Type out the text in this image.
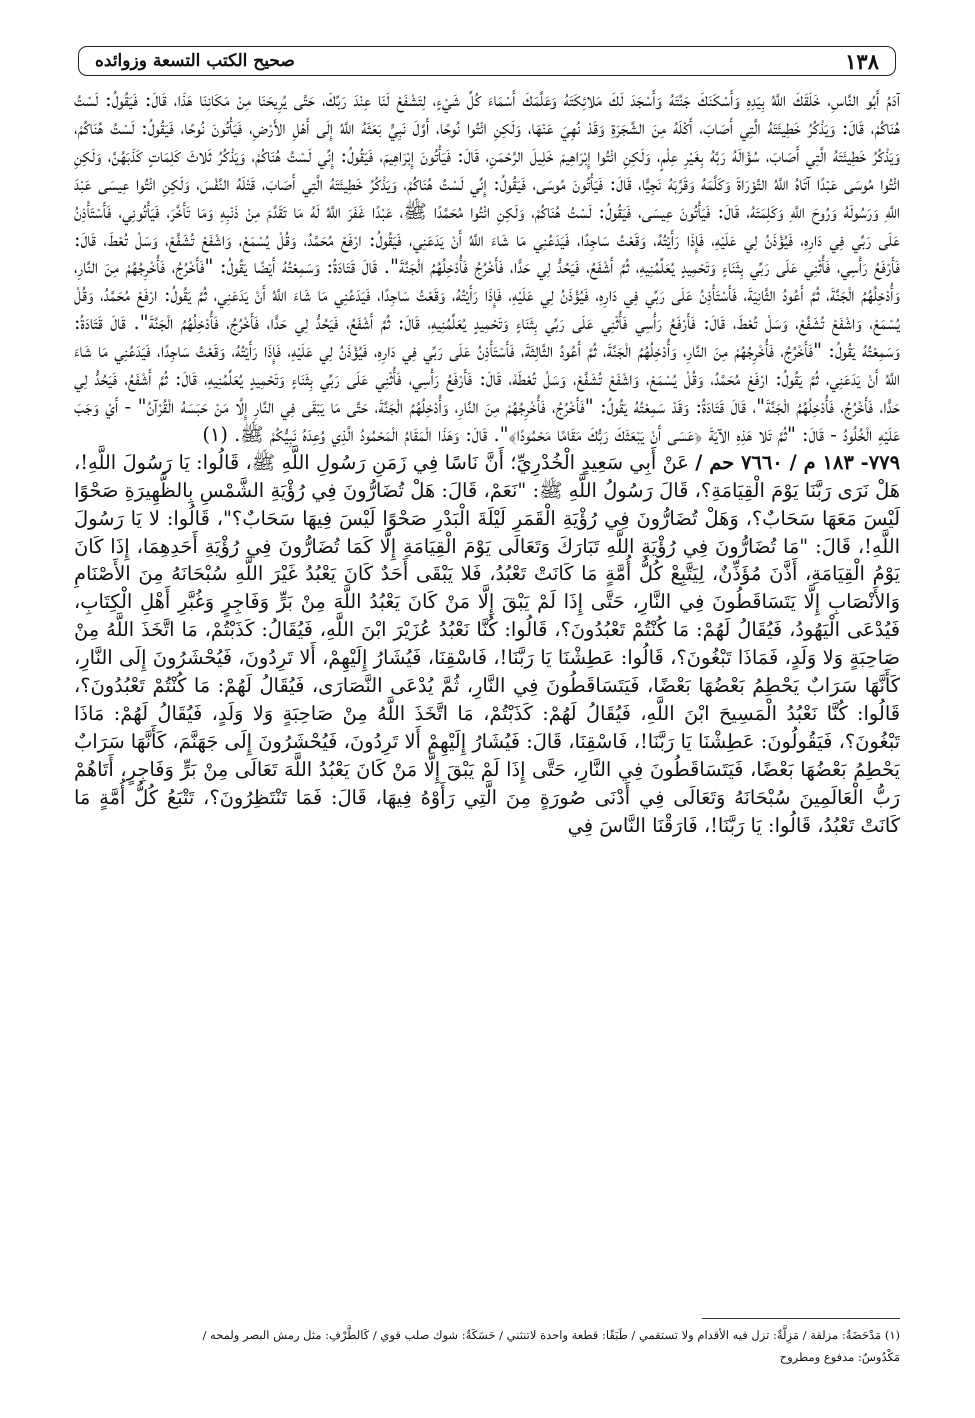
١٣٨
صحيح الكتب التسعة وزوائده

آدَمُ أَبُو النَّاسِ، خَلَقَكَ اللَّهُ بِيَدِهِ وَأَسْكَنَكَ جَنَّتَهُ وَأَسْجَدَ لَكَ مَلائِكَتَهُ وَعَلَّمَكَ أَسْمَاءَ كُلِّ شَيْءٍ، لِتَشْفَعْ لَنَا عِنْدَ رَبِّكَ، حَتَّى يُرِيحَنَا مِنْ مَكَانِنَا هَذَا، قَالَ: فَيَقُولُ: لَسْتُ هُنَاكُمْ، قَالَ: وَيَذْكُرُ خَطِيئَتَهُ الَّتِي أَصَابَ، أَكْلَهُ مِنَ الشَّجَرَةِ وَقَدْ نُهِيَ عَنْهَا، وَلَكِنِ ائْتُوا نُوحًا، أَوَّلَ نَبِيٍّ بَعَثَهُ اللَّهُ إِلَى أَهْلِ الأَرْضِ، فَيَأْتُونَ نُوحًا، فَيَقُولُ: لَسْتُ هُنَاكُمْ، وَيَذْكُرُ خَطِيئَتَهُ الَّتِي أَصَابَ، سُؤَالَهُ رَبَّهُ بِغَيْرِ عِلْمٍ، وَلَكِنِ ائْتُوا إِبْرَاهِيمَ خَلِيلَ الرَّحْمَنِ، قَالَ: فَيَأْتُونَ إِبْرَاهِيمَ، فَيَقُولُ: إِنِّي لَسْتُ هُنَاكُمْ، وَيَذْكُرُ ثَلاثَ كَلِمَاتٍ كَذَبَهُنَّ، وَلَكِنِ ائْتُوا مُوسَى عَبْدًا آتَاهُ اللَّهُ التَّوْرَاةَ وَكَلَّمَهُ وَقَرَّبَهُ نَجِيًّا، قَالَ: فَيَأْتُونَ مُوسَى، فَيَقُولُ: إِنِّي لَسْتُ هُنَاكُمْ، وَيَذْكُرُ خَطِيئَتَهُ الَّتِي أَصَابَ، قَتْلَهُ النَّفْسَ، وَلَكِنِ ائْتُوا عِيسَى عَبْدَ اللَّهِ وَرَسُولَهُ وَرُوحَ اللَّهِ وَكَلِمَتَهُ، قَالَ: فَيَأْتُونَ عِيسَى، فَيَقُولُ: لَسْتُ هُنَاكُمْ، وَلَكِنِ ائْتُوا مُحَمَّدًا ﷺ، عَبْدًا غَفَرَ اللَّهُ لَهُ مَا تَقَدَّمَ مِنْ ذَنْبِهِ وَمَا تَأَخَّرَ، فَيَأْتُونِي، فَأَسْتَأْذِنُ عَلَى رَبِّي فِي دَارِهِ، فَيُؤْذَنُ لِي عَلَيْهِ، فَإِذَا رَأَيْتُهُ، وَقَعْتُ سَاجِدًا، فَيَدَعُنِي مَا شَاءَ اللَّهُ أَنْ يَدَعَنِي، فَيَقُولُ: ارْفَعْ مُحَمَّدُ، وَقُلْ يُسْمَعْ، وَاشْفَعْ تُشَفَّعْ، وَسَلْ تُعْطَ، قَالَ: فَأَرْفَعُ رَأْسِي، فَأُثْنِي عَلَى رَبِّي بِثَنَاءٍ وَتَحْمِيدٍ يُعَلِّمُنِيهِ، ثُمَّ أَشْفَعُ، فَيَحُدُّ لِي حَدًّا، فَأَخْرُجُ فَأُدْخِلُهُمُ الْجَنَّةَ". قَالَ قَتَادَةُ: وَسَمِعْتُهُ أَيْضًا يَقُولُ: "فَأَخْرُجُ، فَأُخْرِجُهُمْ مِنَ النَّارِ، وَأُدْخِلُهُمُ الْجَنَّةَ، ثُمَّ أَعُودُ الثَّانِيَةَ، فَأَسْتَأْذِنُ عَلَى رَبِّي فِي دَارِهِ، فَيُؤْذَنُ لِي عَلَيْهِ، فَإِذَا رَأَيْتُهُ، وَقَعْتُ سَاجِدًا، فَيَدَعُنِي مَا شَاءَ اللَّهُ أَنْ يَدَعَنِي، ثُمَّ يَقُولُ: ارْفَعْ مُحَمَّدُ، وَقُلْ يُسْمَعْ، وَاشْفَعْ تُشَفَّعْ، وَسَلْ تُعْطَ، قَالَ: فَأَرْفَعُ رَأْسِي فَأُثْنِي عَلَى رَبِّي بِثَنَاءٍ وَتَحْمِيدٍ يُعَلِّمُنِيهِ، قَالَ: ثُمَّ أَشْفَعُ، فَيَحُدُّ لِي حَدًّا، فَأَخْرُجُ، فَأُدْخِلُهُمُ الْجَنَّةَ". قَالَ قَتَادَةُ: وَسَمِعْتُهُ يَقُولُ: "فَأَخْرُجُ، فَأُخْرِجُهُمْ مِنَ النَّارِ، وَأُدْخِلُهُمُ الْجَنَّةَ، ثُمَّ أَعُودُ الثَّالِثَةَ، فَأَسْتَأْذِنُ عَلَى رَبِّي فِي دَارِهِ، فَيُؤْذَنُ لِي عَلَيْهِ، فَإِذَا رَأَيْتُهُ، وَقَعْتُ سَاجِدًا، فَيَدَعُنِي مَا شَاءَ اللَّهُ أَنْ يَدَعَنِي، ثُمَّ يَقُولُ: ارْفَعْ مُحَمَّدُ، وَقُلْ يُسْمَعْ، وَاشْفَعْ تُشَفَّعْ، وَسَلْ تُعْطَهْ، قَالَ: فَأَرْفَعُ رَأْسِي، فَأُثْنِي عَلَى رَبِّي بِثَنَاءٍ وَتَحْمِيدٍ يُعَلِّمُنِيهِ، قَالَ: ثُمَّ أَشْفَعُ، فَيَحُدُّ لِي حَدًّا، فَأَخْرُجُ، فَأُدْخِلُهُمُ الْجَنَّةَ"، قَالَ قَتَادَةُ: وَقَدْ سَمِعْتُهُ يَقُولُ: "فَأَخْرُجُ، فَأُخْرِجُهُمْ مِنَ النَّارِ، وَأُدْخِلُهُمُ الْجَنَّةَ، حَتَّى مَا يَبْقَى فِي النَّارِ إِلَّا مَنْ حَبَسَهُ الْقُرْآنُ" - أَيْ وَجَبَ عَلَيْهِ الْخُلُودُ - قَالَ: "ثُمَّ تَلا هَذِهِ الآيَةَ ﴿عَسَى أَنْ يَبْعَثَكَ رَبُّكَ مَقَامًا مَحْمُودًا﴾". قَالَ: وَهَذَا الْمَقَامُ الْمَحْمُودُ الَّذِي وُعِدَهُ نَبِيُّكُمْ ﷺ. (١)

٧٧٩- ١٨٣ م / ٧٦٦٠ حم / عَنْ أَبِي سَعِيدٍ الْخُدْرِيِّ؛ أَنَّ نَاسًا فِي زَمَنِ رَسُولِ اللَّهِ ﷺ، قَالُوا: يَا رَسُولَ اللَّهِ!، هَلْ نَرَى رَبَّنَا يَوْمَ الْقِيَامَةِ؟، قَالَ رَسُولُ اللَّهِ ﷺ: "نَعَمْ، قَالَ: هَلْ تُضَارُّونَ فِي رُؤْيَةِ الشَّمْسِ بِالظَّهِيرَةِ صَحْوًا لَيْسَ مَعَهَا سَحَابٌ؟، وَهَلْ تُضَارُّونَ فِي رُؤْيَةِ الْقَمَرِ لَيْلَةَ الْبَدْرِ صَحْوًا لَيْسَ فِيهَا سَحَابٌ؟"، قَالُوا: لا يَا رَسُولَ اللَّهِ!، قَالَ: "مَا تُضَارُّونَ فِي رُؤْيَةِ اللَّهِ تَبَارَكَ وَتَعَالَى يَوْمَ الْقِيَامَةِ إِلَّا كَمَا تُضَارُّونَ فِي رُؤْيَةِ أَحَدِهِمَا، إِذَا كَانَ يَوْمُ الْقِيَامَةِ، أَذَّنَ مُؤَذِّنٌ، لِيَتَّبِعْ كُلُّ أُمَّةٍ مَا كَانَتْ تَعْبُدُ، فَلا يَبْقَى أَحَدٌ كَانَ يَعْبُدُ غَيْرَ اللَّهِ سُبْحَانَهُ مِنَ الأَصْنَامِ وَالأَنْصَابِ إِلَّا يَتَسَاقَطُونَ فِي النَّارِ، حَتَّى إِذَا لَمْ يَبْقَ إِلَّا مَنْ كَانَ يَعْبُدُ اللَّهَ مِنْ بَرٍّ وَفَاجِرٍ وَغُبَّرِ أَهْلِ الْكِتَابِ، فَيُدْعَى الْيَهُودُ، فَيُقَالُ لَهُمْ: مَا كُنْتُمْ تَعْبُدُونَ؟، قَالُوا: كُنَّا نَعْبُدُ عُزَيْرَ ابْنَ اللَّهِ، فَيُقَالُ: كَذَبْتُمْ، مَا اتَّخَذَ اللَّهُ مِنْ صَاحِبَةٍ وَلا وَلَدٍ، فَمَاذَا تَبْغُونَ؟، قَالُوا: عَطِشْنَا يَا رَبَّنَا!، فَاسْقِنَا، فَيُشَارُ إِلَيْهِمْ، أَلا تَرِدُونَ، فَيُحْشَرُونَ إِلَى النَّارِ، كَأَنَّهَا سَرَابٌ يَحْطِمُ بَعْضُهَا بَعْضًا، فَيَتَسَاقَطُونَ فِي النَّارِ، ثُمَّ يُدْعَى النَّصَارَى، فَيُقَالُ لَهُمْ: مَا كُنْتُمْ تَعْبُدُونَ؟، قَالُوا: كُنَّا نَعْبُدُ الْمَسِيحَ ابْنَ اللَّهِ، فَيُقَالُ لَهُمْ: كَذَبْتُمْ، مَا اتَّخَذَ اللَّهُ مِنْ صَاحِبَةٍ وَلا وَلَدٍ، فَيُقَالُ لَهُمْ: مَاذَا تَبْغُونَ؟، فَيَقُولُونَ: عَطِشْنَا يَا رَبَّنَا!، فَاسْقِنَا، قَالَ: فَيُشَارُ إِلَيْهِمْ أَلا تَرِدُونَ، فَيُحْشَرُونَ إِلَى جَهَنَّمَ، كَأَنَّهَا سَرَابٌ يَحْطِمُ بَعْضُهَا بَعْضًا، فَيَتَسَاقَطُونَ فِي النَّارِ، حَتَّى إِذَا لَمْ يَبْقَ إِلَّا مَنْ كَانَ يَعْبُدُ اللَّهَ تَعَالَى مِنْ بَرٍّ وَفَاجِرٍ، أَتَاهُمْ رَبُّ الْعَالَمِينَ سُبْحَانَهُ وَتَعَالَى فِي أَدْنَى صُورَةٍ مِنَ الَّتِي رَأَوْهُ فِيهَا، قَالَ: فَمَا تَنْتَظِرُونَ؟، تَتْبَعُ كُلُّ أُمَّةٍ مَا كَانَتْ تَعْبُدُ، قَالُوا: يَا رَبَّنَا!، فَارَقْنَا النَّاسَ فِي

(١) مَدْحَضَةٌ: مزلقة / مَزِلَّةٌ: تزل فيه الأقدام ولا تستقمي / طَبَقًا: قطعة واحدة لاتنثني / حَسَكَةٌ: شوك صلب قوي / كَالطَّرْفِ: مثل رمش البصر ولمحه /
مَكْدُوسٌ: مدفوع ومطروح
